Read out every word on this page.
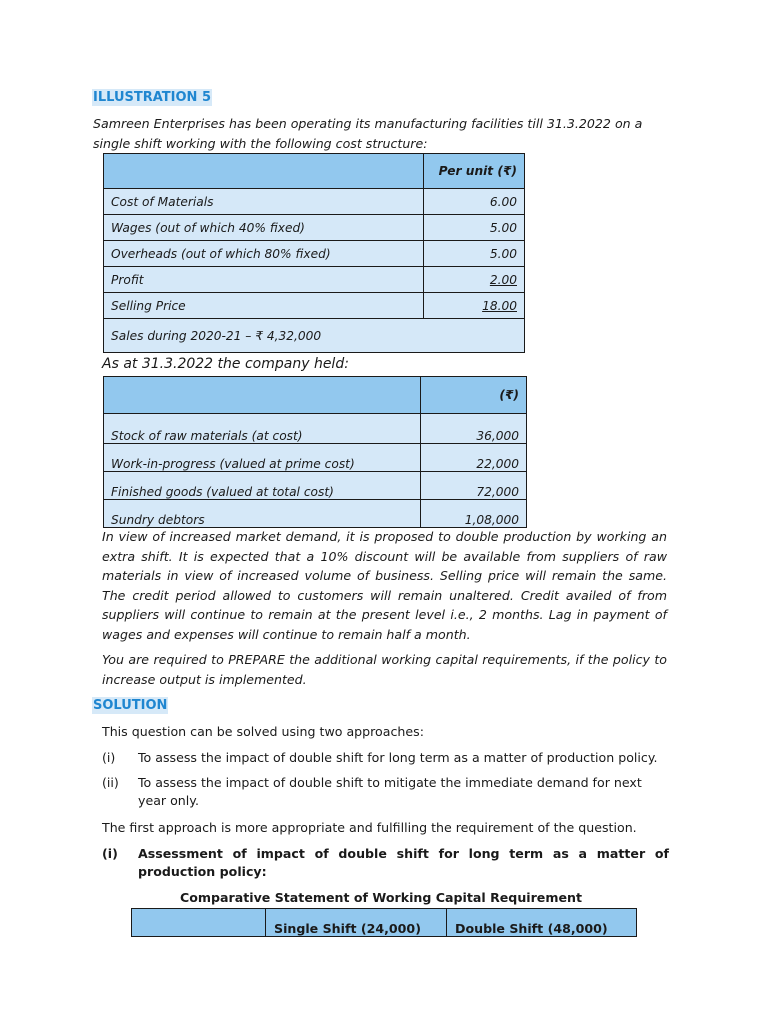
ILLUSTRATION 5
Samreen Enterprises has been operating its manufacturing facilities till 31.3.2022 on a single shift working with the following cost structure:
	Per unit (₹)
Cost of Materials	6.00
Wages (out of which 40% fixed)	5.00
Overheads (out of which 80% fixed)	5.00
Profit	2.00
Selling Price	18.00
Sales during 2020-21 – ₹ 4,32,000	
As at 31.3.2022 the company held:
	(₹)
Stock of raw materials (at cost)	36,000
Work-in-progress (valued at prime cost)	22,000
Finished goods (valued at total cost)	72,000
Sundry debtors	1,08,000
In view of increased market demand, it is proposed to double production by working an extra shift. It is expected that a 10% discount will be available from suppliers of raw materials in view of increased volume of business. Selling price will remain the same. The credit period allowed to customers will remain unaltered. Credit availed of from suppliers will continue to remain at the present level i.e., 2 months. Lag in payment of wages and expenses will continue to remain half a month.
You are required to PREPARE the additional working capital requirements, if the policy to increase output is implemented.
SOLUTION
This question can be solved using two approaches:
(i) To assess the impact of double shift for long term as a matter of production policy.
(ii) To assess the impact of double shift to mitigate the immediate demand for next year only.
The first approach is more appropriate and fulfilling the requirement of the question.
(i) Assessment of impact of double shift for long term as a matter of production policy:
Comparative Statement of Working Capital Requirement
	Single Shift (24,000)	Double Shift (48,000)
